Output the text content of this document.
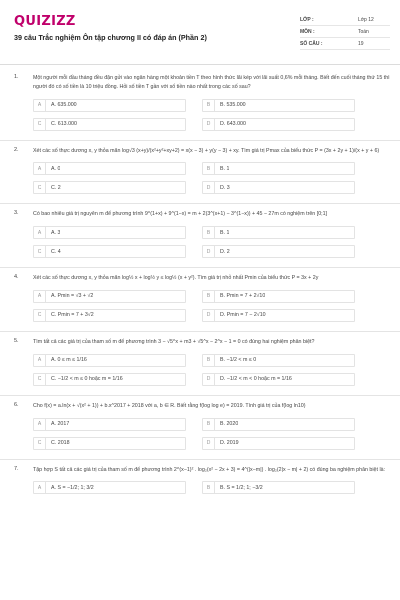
QUIZIZZ
39 câu Trắc nghiệm Ôn tập chương II có đáp án (Phần 2)
LỚP :	Lớp 12
MÔN :	Toán
SỐ CÂU :	19
1.	Một người mỗi đầu tháng đều đặn gửi vào ngân hàng một khoản tiền T theo hình thức lãi kép với lãi suất 0,6% mỗi tháng. Biết đến cuối tháng thứ 15 thì người đó có số tiền là 10 triệu đồng. Hỏi số tiền T gần với số tiền nào nhất trong các số sau?
A	A. 635.000	B	B. 535.000
C	C. 613.000	D	D. 643.000
2.	Xét các số thực dương x, y thỏa mãn log√3 (x+y)/(x²+y²+xy+2) = x(x − 3) + y(y − 3) + xy. Tìm giá trị Pmax của biểu thức P = (3x + 2y + 1)/(x + y + 6)
A	A. 0	B	B. 1
C	C. 2	D	D. 3
3.	Có bao nhiêu giá trị nguyên m để phương trình 9^(1+x) + 9^(1−x) = m + 2(3^(x+1) − 3^(1−x)) + 45 − 27m có nghiệm trên [0;1]
A	A. 3	B	B. 1
C	C. 4	D	D. 2
4.	Xét các số thực dương x, y thỏa mãn log½ x + log½ y ≤ log½ (x + y²). Tìm giá trị nhỏ nhất Pmin của biểu thức P = 3x + 2y
A	A. Pmin = √3 + √2	B	B. Pmin = 7 + 2√10
C	C. Pmin = 7 + 3√2	D	D. Pmin = 7 − 2√10
5.	Tìm tất cả các giá trị của tham số m để phương trình 3 − √5^x + m3 + √5^x − 2^x − 1 = 0 có đúng hai nghiệm phân biệt?
A	A. 0 ≤ m ≤ 1/16	B	B. −1/2 < m ≤ 0
C	C. −1/2 < m ≤ 0 hoặc m = 1/16	D	D. −1/2 < m < 0 hoặc m = 1/16
6.	Cho f(x) = a.ln(x + √(x² + 1)) + b.x^2017 + 2018 với a, b ∈ R. Biết rằng f(log log e) = 2019. Tính giá trị của f(log ln10)
A	A. 2017	B	B. 2020
C	C. 2018	D	D. 2019
7.	Tập hợp S tất cả các giá trị của tham số m để phương trình 2^(x−1)² . log₂(x² − 2x + 3) = 4^(|x−m|) . log₂(2|x − m| + 2) có đúng ba nghiệm phân biệt là:
A	A. S = −1/2; 1; 3/2	B	B. S = 1/2; 1; −3/2
